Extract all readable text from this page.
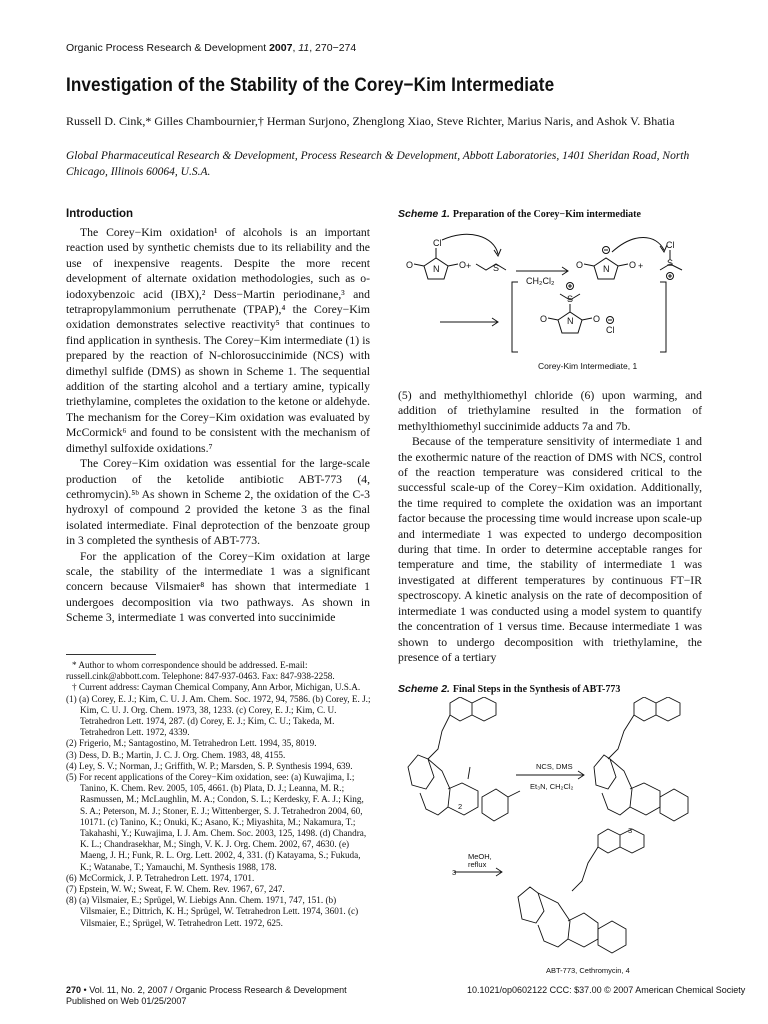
Organic Process Research & Development 2007, 11, 270−274
Investigation of the Stability of the Corey−Kim Intermediate
Russell D. Cink,* Gilles Chambournier,† Herman Surjono, Zhenglong Xiao, Steve Richter, Marius Naris, and Ashok V. Bhatia
Global Pharmaceutical Research & Development, Process Research & Development, Abbott Laboratories, 1401 Sheridan Road, North Chicago, Illinois 60064, U.S.A.
Introduction

The Corey−Kim oxidation¹ of alcohols is an important reaction used by synthetic chemists due to its reliability and the use of inexpensive reagents. Despite the more recent development of alternate oxidation methodologies, such as o-iodoxybenzoic acid (IBX),² Dess−Martin periodinane,³ and tetrapropylammonium perruthenate (TPAP),⁴ the Corey−Kim oxidation demonstrates selective reactivity⁵ that continues to find application in synthesis. The Corey−Kim intermediate (1) is prepared by the reaction of N-chlorosuccinimide (NCS) with dimethyl sulfide (DMS) as shown in Scheme 1. The sequential addition of the starting alcohol and a tertiary amine, typically triethylamine, completes the oxidation to the ketone or aldehyde. The mechanism for the Corey−Kim oxidation was evaluated by McCormick⁶ and found to be consistent with the mechanism of dimethyl sulfoxide oxidations.⁷

The Corey−Kim oxidation was essential for the large-scale production of the ketolide antibiotic ABT-773 (4, cethromycin).⁵ᵇ As shown in Scheme 2, the oxidation of the C-3 hydroxyl of compound 2 provided the ketone 3 as the final isolated intermediate. Final deprotection of the benzoate group in 3 completed the synthesis of ABT-773.

For the application of the Corey−Kim oxidation at large scale, the stability of the intermediate 1 was a significant concern because Vilsmaier⁸ has shown that intermediate 1 undergoes decomposition via two pathways. As shown in Scheme 3, intermediate 1 was converted into succinimide

* Author to whom correspondence should be addressed. E-mail: russell.cink@abbott.com. Telephone: 847-937-0463. Fax: 847-938-2258.

† Current address: Cayman Chemical Company, Ann Arbor, Michigan, U.S.A.

(1) (a) Corey, E. J.; Kim, C. U. J. Am. Chem. Soc. 1972, 94, 7586. (b) Corey, E. J.; Kim, C. U. J. Org. Chem. 1973, 38, 1233. (c) Corey, E. J.; Kim, C. U. Tetrahedron Lett. 1974, 287. (d) Corey, E. J.; Kim, C. U.; Takeda, M. Tetrahedron Lett. 1972, 4339.

(2) Frigerio, M.; Santagostino, M. Tetrahedron Lett. 1994, 35, 8019.

(3) Dess, D. B.; Martin, J. C. J. Org. Chem. 1983, 48, 4155.

(4) Ley, S. V.; Norman, J.; Griffith, W. P.; Marsden, S. P. Synthesis 1994, 639.

(5) For recent applications of the Corey−Kim oxidation, see: (a) Kuwajima, I.; Tanino, K. Chem. Rev. 2005, 105, 4661. (b) Plata, D. J.; Leanna, M. R.; Rasmussen, M.; McLaughlin, M. A.; Condon, S. L.; Kerdesky, F. A. J.; King, S. A.; Peterson, M. J.; Stoner, E. J.; Wittenberger, S. J. Tetrahedron 2004, 60, 10171. (c) Tanino, K.; Onuki, K.; Asano, K.; Miyashita, M.; Nakamura, T.; Takahashi, Y.; Kuwajima, I. J. Am. Chem. Soc. 2003, 125, 1498. (d) Chandra, K. L.; Chandrasekhar, M.; Singh, V. K. J. Org. Chem. 2002, 67, 4630. (e) Maeng, J. H.; Funk, R. L. Org. Lett. 2002, 4, 331. (f) Katayama, S.; Fukuda, K.; Watanabe, T.; Yamauchi, M. Synthesis 1988, 178.

(6) McCormick, J. P. Tetrahedron Lett. 1974, 1701.

(7) Epstein, W. W.; Sweat, F. W. Chem. Rev. 1967, 67, 247.

(8) (a) Vilsmaier, E.; Sprügel, W. Liebigs Ann. Chem. 1971, 747, 151. (b) Vilsmaier, E.; Dittrich, K. H.; Sprügel, W. Tetrahedron Lett. 1974, 3601. (c) Vilsmaier, E.; Sprügel, W. Tetrahedron Lett. 1972, 625.

Scheme 1. Preparation of the Corey−Kim intermediate
Cl
N
O	O + S
CH₂Cl₂
N
O	O +
Cl
S
N
O	O
S
Cl
Corey-Kim Intermediate, 1

(5) and methylthiomethyl chloride (6) upon warming, and addition of triethylamine resulted in the formation of methylthiomethyl succinimide adducts 7a and 7b.

Because of the temperature sensitivity of intermediate 1 and the exothermic nature of the reaction of DMS with NCS, control of the reaction temperature was considered critical to the successful scale-up of the Corey−Kim oxidation. Additionally, the time required to complete the oxidation was an important factor because the processing time would increase upon scale-up and intermediate 1 was expected to undergo decomposition during that time. In order to determine acceptable ranges for temperature and time, the stability of intermediate 1 was investigated at different temperatures by continuous FT−IR spectroscopy. A kinetic analysis on the rate of decomposition of intermediate 1 was conducted using a model system to quantify the concentration of 1 versus time. Because intermediate 1 was shown to undergo decomposition with triethylamine, the presence of a tertiary

Scheme 2. Final Steps in the Synthesis of ABT-773
2
NCS, DMS
Et₃N, CH₂Cl₂
3
3
MeOH,
reflux
ABT-773, Cethromycin, 4
270 • Vol. 11, No. 2, 2007 / Organic Process Research & Development
Published on Web 01/25/2007
10.1021/op0602122 CCC: $37.00 © 2007 American Chemical Society
